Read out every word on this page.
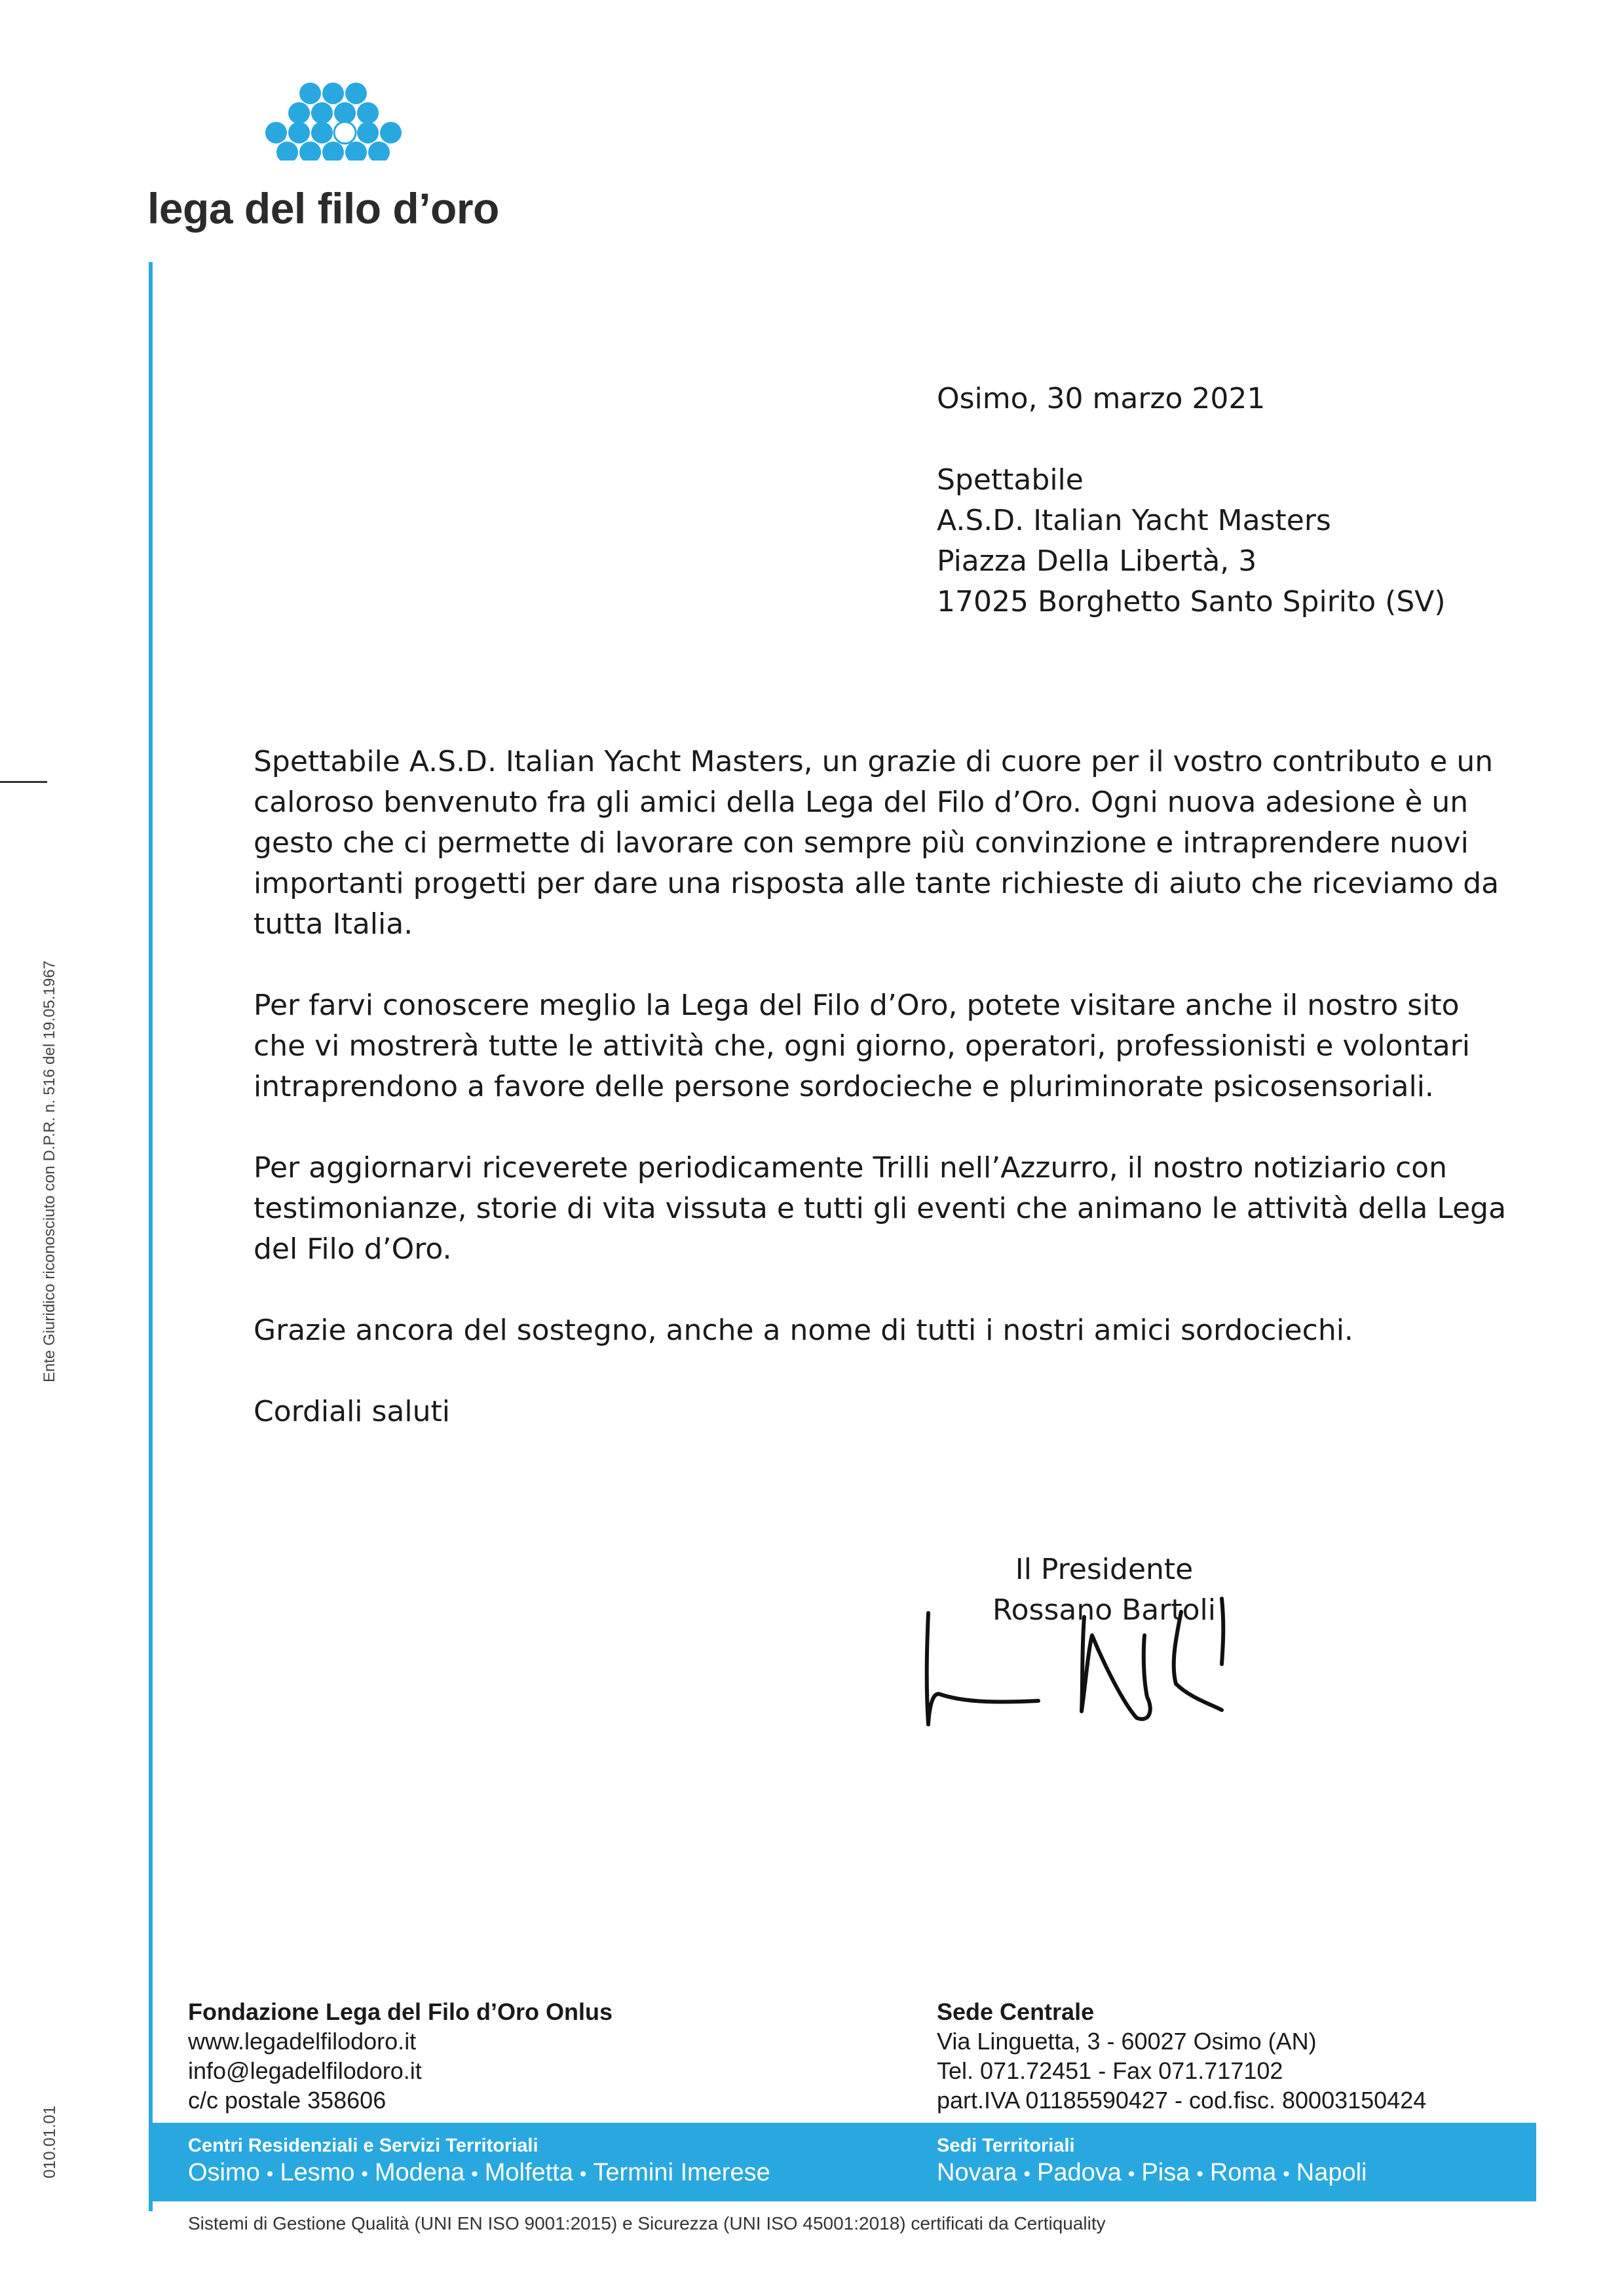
lega del filo d’oro
Ente Giuridico riconosciuto con D.P.R. n. 516 del 19.05.1967
010.01.01
Osimo, 30 marzo 2021
Spettabile
A.S.D. Italian Yacht Masters
Piazza Della Libertà, 3
17025 Borghetto Santo Spirito (SV)

Spettabile A.S.D. Italian Yacht Masters, un grazie di cuore per il vostro contributo e un caloroso benvenuto fra gli amici della Lega del Filo d’Oro. Ogni nuova adesione è un gesto che ci permette di lavorare con sempre più convinzione e intraprendere nuovi importanti progetti per dare una risposta alle tante richieste di aiuto che riceviamo da tutta Italia.

Per farvi conoscere meglio la Lega del Filo d’Oro, potete visitare anche il nostro sito che vi mostrerà tutte le attività che, ogni giorno, operatori, professionisti e volontari intraprendono a favore delle persone sordocieche e pluriminorate psicosensoriali.

Per aggiornarvi riceverete periodicamente Trilli nell’Azzurro, il nostro notiziario con testimonianze, storie di vita vissuta e tutti gli eventi che animano le attività della Lega del Filo d’Oro.

Grazie ancora del sostegno, anche a nome di tutti i nostri amici sordociechi.

Cordiali saluti

Il Presidente
Rossano Bartoli
Fondazione Lega del Filo d’Oro Onlus
www.legadelfilodoro.it
info@legadelfilodoro.it
c/c postale 358606
Sede Centrale
Via Linguetta, 3 - 60027 Osimo (AN)
Tel. 071.72451 - Fax 071.717102
part.IVA 01185590427 - cod.fisc. 80003150424
Centri Residenziali e Servizi Territoriali
Osimo • Lesmo • Modena • Molfetta • Termini Imerese
Sedi Territoriali
Novara • Padova • Pisa • Roma • Napoli
Sistemi di Gestione Qualità (UNI EN ISO 9001:2015) e Sicurezza (UNI ISO 45001:2018) certificati da Certiquality
